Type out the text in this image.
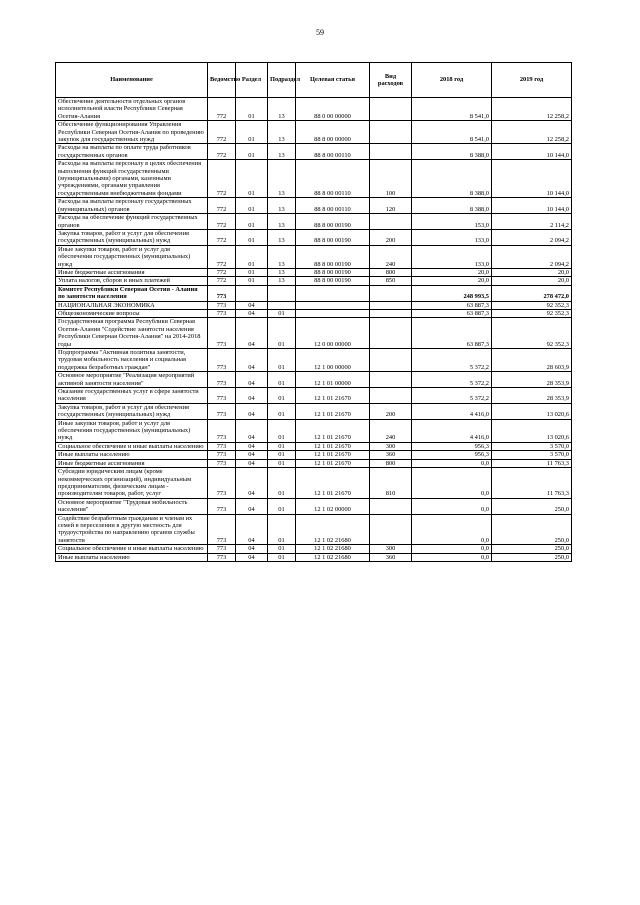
59
Наименование	Ведомство	Раздел	Подраздел	Целевая статья	Вид расходов	2018 год	2019 год
Обеспечение деятельности отдельных органов исполнительной власти Республики Северная Осетия-Алания	772	01	13	88 0 00 00000		8 541,0	12 258,2
Обеспечение функционирования Управления Республики Северная Осетия-Алания по проведению закупок для государственных нужд	772	01	13	88 8 00 00000		8 541,0	12 258,2
Расходы на выплаты по оплате труда работников государственных органов	772	01	13	88 8 00 00110		8 388,0	10 144,0
Расходы на выплаты персоналу в целях обеспечения выполнения функций государственными (муниципальными) органами, казенными учреждениями, органами управления государственными внебюджетными фондами	772	01	13	88 8 00 00110	100	8 388,0	10 144,0
Расходы на выплаты персоналу государственных (муниципальных) органов	772	01	13	88 8 00 00110	120	8 388,0	10 144,0
Расходы на обеспечение функций государственных органов	772	01	13	88 8 00 00190		153,0	2 114,2
Закупка товаров, работ и услуг для обеспечения государственных (муниципальных) нужд	772	01	13	88 8 00 00190	200	133,0	2 094,2
Иные закупки товаров, работ и услуг для обеспечения государственных (муниципальных) нужд	772	01	13	88 8 00 00190	240	133,0	2 094,2
Иные бюджетные ассигнования	772	01	13	88 8 00 00190	800	20,0	20,0
Уплата налогов, сборов и иных платежей	772	01	13	88 8 00 00190	850	20,0	20,0
Комитет Республики Северная Осетия - Алания по занятости населения	773					248 993,5	278 472,0
НАЦИОНАЛЬНАЯ ЭКОНОМИКА	773	04				63 887,3	92 352,3
Общеэкономические вопросы	773	04	01			63 887,3	92 352,3
Государственная программа Республики Северная Осетия-Алания "Содействие занятости населения Республики Северная Осетия-Алания" на 2014-2018 годы	773	04	01	12 0 00 00000		63 887,3	92 352,3
Подпрограмма "Активная политика занятости, трудовая мобильность населения и социальная поддержка безработных граждан"	773	04	01	12 1 00 00000		5 372,2	28 603,9
Основное мероприятие "Реализация мероприятий активной занятости населения"	773	04	01	12 1 01 00000		5 372,2	28 353,9
Оказание государственных услуг в сфере занятости населения	773	04	01	12 1 01 21670		5 372,2	28 353,9
Закупка товаров, работ и услуг для обеспечения государственных (муниципальных) нужд	773	04	01	12 1 01 21670	200	4 416,0	13 020,6
Иные закупки товаров, работ и услуг для обеспечения государственных (муниципальных) нужд	773	04	01	12 1 01 21670	240	4 416,0	13 020,6
Социальное обеспечение и иные выплаты населению	773	04	01	12 1 01 21670	300	956,3	3 570,0
Иные выплаты населению	773	04	01	12 1 01 21670	360	956,3	3 570,0
Иные бюджетные ассигнования	773	04	01	12 1 01 21670	800	0,0	11 763,3
Субсидии юридическим лицам (кроме некоммерческих организаций), индивидуальным предпринимателям, физическим лицам - производителям товаров, работ, услуг	773	04	01	12 1 01 21670	810	0,0	11 763,3
Основное мероприятие "Трудовая мобильность населения"	773	04	01	12 1 02 00000		0,0	250,0
Содействие безработным гражданам и членам их семей в переселении в другую местность для трудоустройства по направлению органов службы занятости	773	04	01	12 1 02 21680		0,0	250,0
Социальное обеспечение и иные выплаты населению	773	04	01	12 1 02 21680	300	0,0	250,0
Иные выплаты населению	773	04	01	12 1 02 21680	360	0,0	250,0
